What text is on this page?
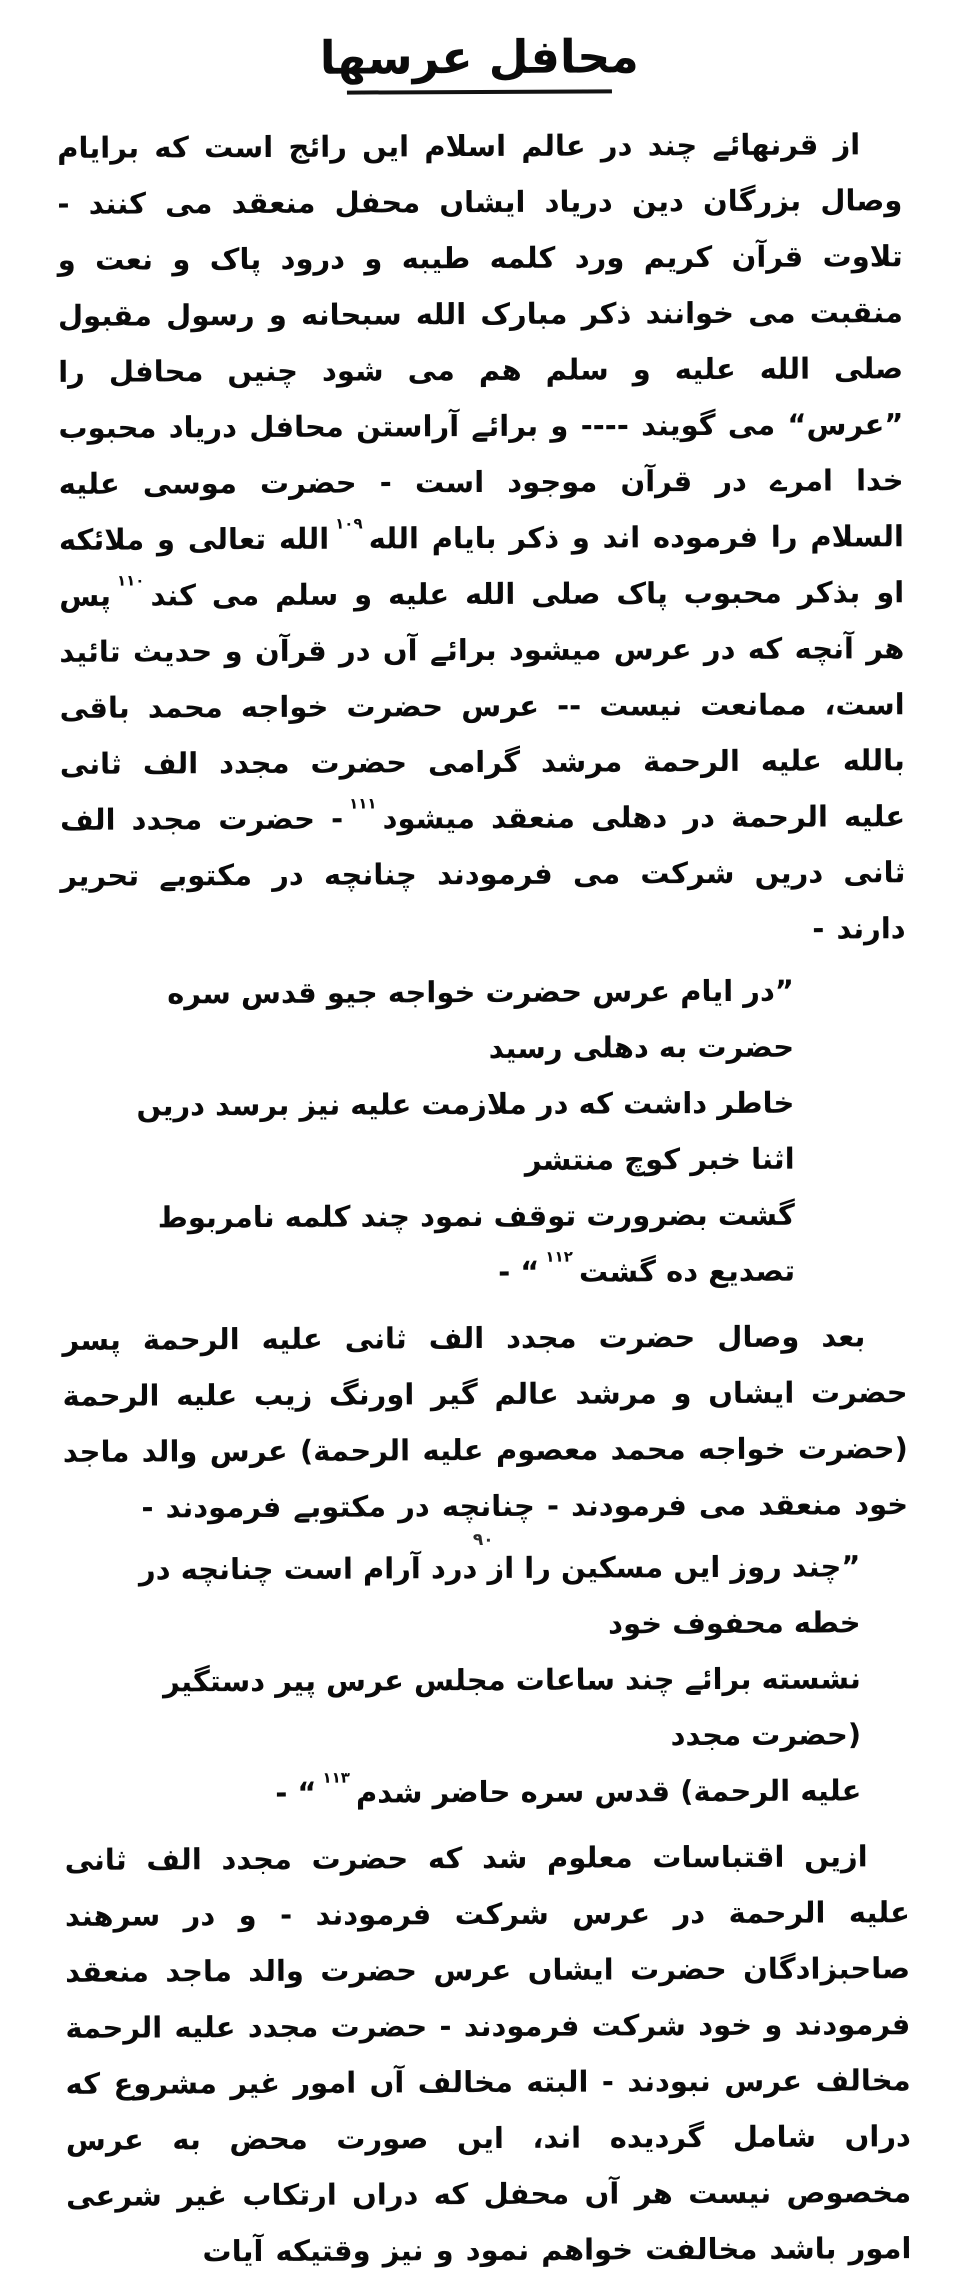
محافل عرسها

از قرنهائے چند در عالم اسلام ایں رائج است که برایام وصال بزرگان دین دریاد ایشاں محفل منعقد می کنند - تلاوت قرآن کریم ورد کلمه طیبه و درود پاک و نعت و منقبت می خوانند ذکر مبارک الله سبحانه و رسول مقبول صلی الله علیه و سلم هم می شود چنیں محافل را ”عرس“ می گویند ---- و برائے آراستن محافل دریاد محبوب خدا امرے در قرآن موجود است - حضرت موسی علیه السلام را فرموده اند و ذکر بایام الله$^{۱۰۹}$الله تعالی و ملائکه او بذکر محبوب پاک صلی الله علیه و سلم می کند$^{۱۱۰}$پس هر آنچه که در عرس میشود برائے آں در قرآن و حدیث تائید است، ممانعت نیست -- عرس حضرت خواجه محمد باقی بالله علیه الرحمة مرشد گرامی حضرت مجدد الف ثانی علیه الرحمة در دهلی منعقد میشود$^{۱۱۱}$- حضرت مجدد الف ثانی دریں شرکت می فرمودند چنانچه در مکتوبے تحریر دارند -

”در ایام عرس حضرت خواجه جیو قدس سره حضرت به دهلی رسید
خاطر داشت که در ملازمت علیه نیز برسد دریں اثنا خبر کوچ منتشر
گشت بضرورت توقف نمود چند کلمه نامربوط تصدیع ده گشت$^{۱۱۲}$“ -

بعد وصال حضرت مجدد الف ثانی علیه الرحمة پسر حضرت ایشاں و مرشد عالم گیر اورنگ زیب علیه الرحمة (حضرت خواجه محمد معصوم علیه الرحمة) عرس والد ماجد خود منعقد می فرمودند - چنانچه در مکتوبے فرمودند -

”چند روز ایں مسکین را از درد آرام است چنانچه در خطه محفوف خود
نشسته برائے چند ساعات مجلس عرس پیر دستگیر (حضرت مجدد
علیه الرحمة) قدس سره حاضر شدم$^{۱۱۳}$“ -

ازیں اقتباسات معلوم شد که حضرت مجدد الف ثانی علیه الرحمة در عرس شرکت فرمودند - و در سرهند صاحبزادگان حضرت ایشاں عرس حضرت والد ماجد منعقد فرمودند و خود شرکت فرمودند - حضرت مجدد علیه الرحمة مخالف عرس نبودند - البته مخالف آں امور غیر مشروع که دراں شامل گردیده اند، ایں صورت محض به عرس مخصوص نیست هر آں محفل که دراں ارتکاب غیر شرعی امور باشد مخالفت خواهم نمود و نیز وقتیکه آیات

۹۰
